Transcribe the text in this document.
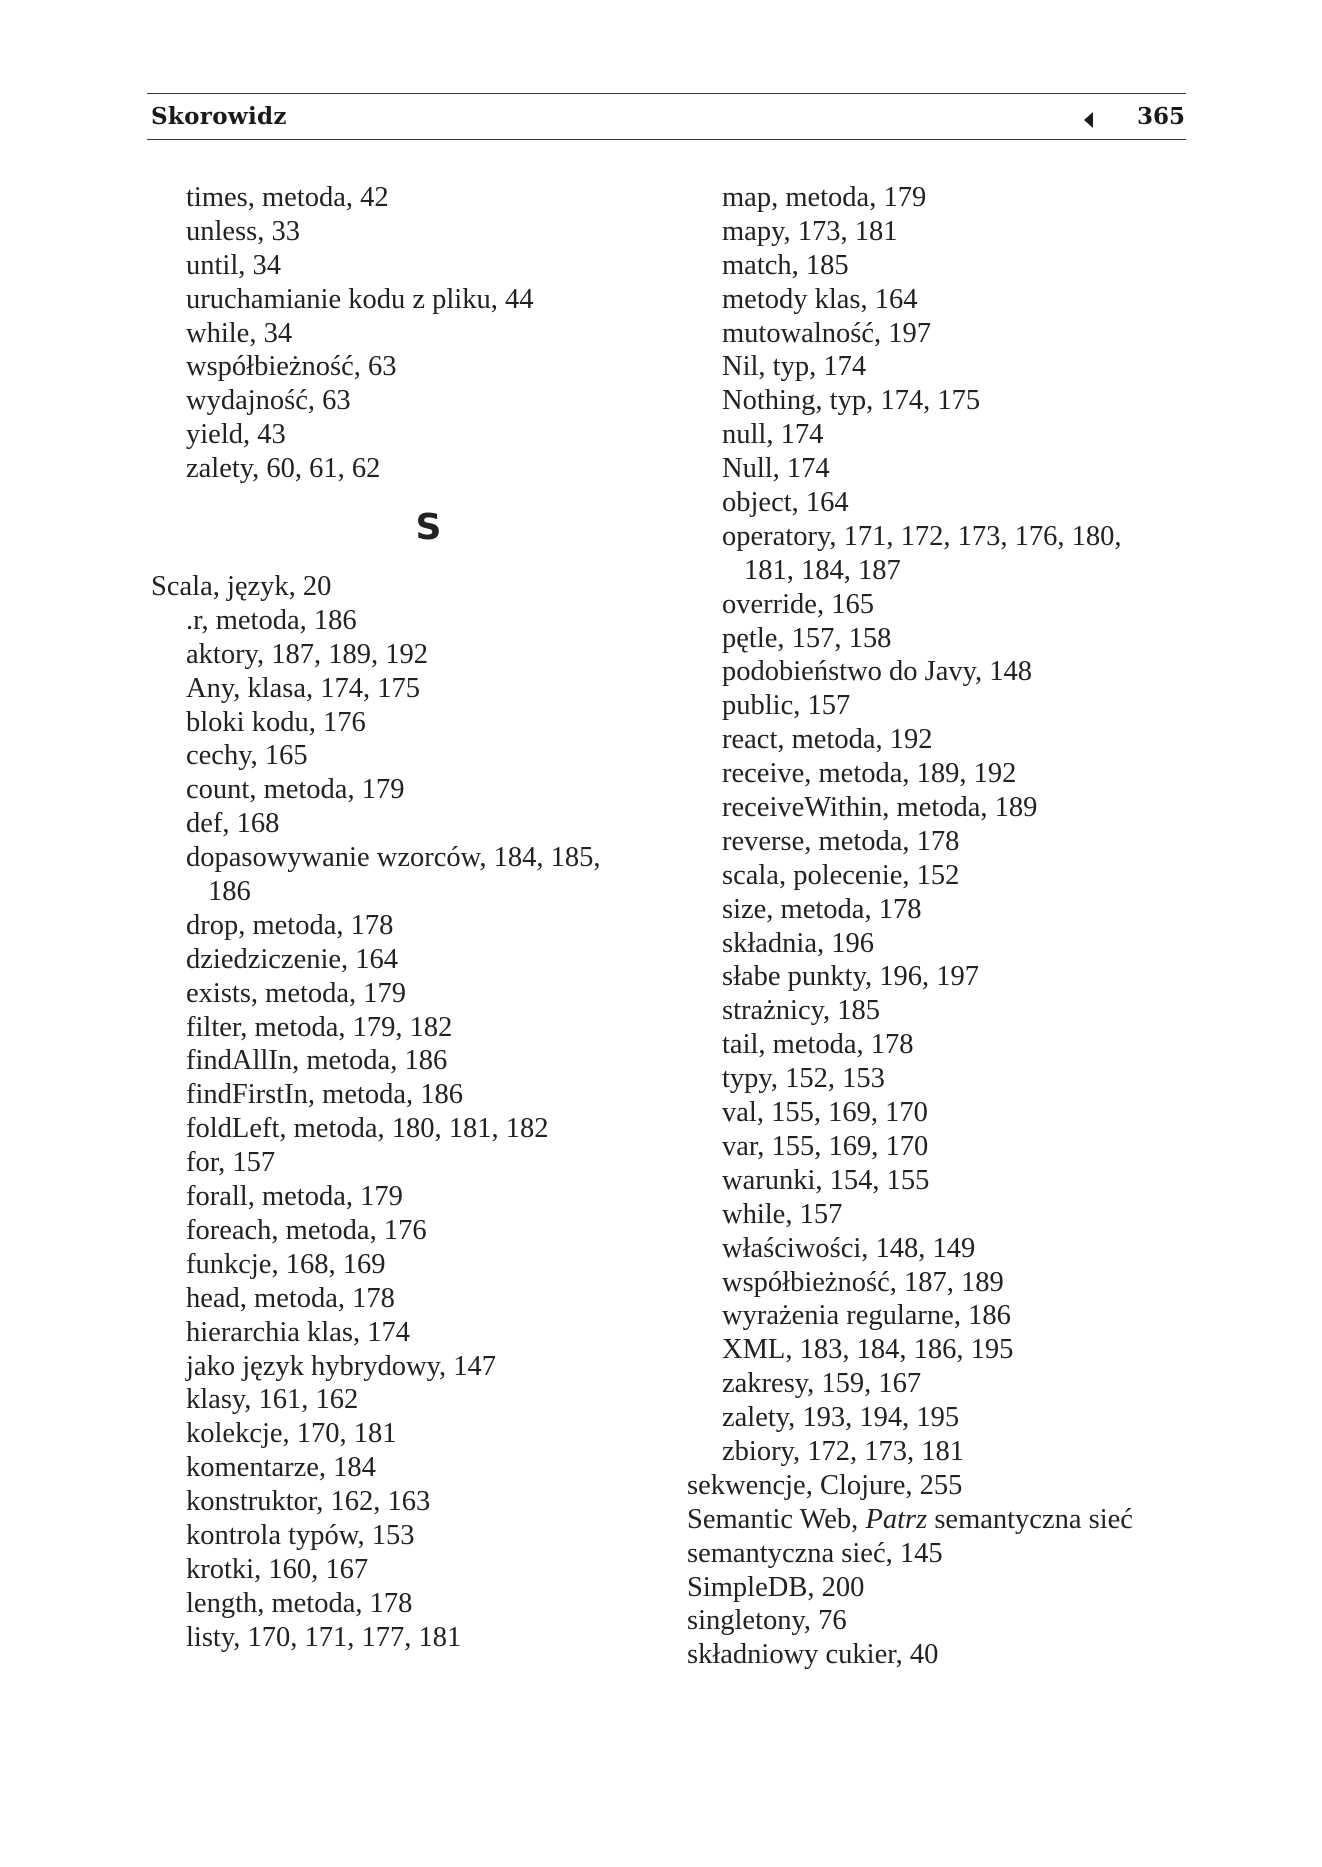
Skorowidz	365
times, metoda, 42
unless, 33
until, 34
uruchamianie kodu z pliku, 44
while, 34
współbieżność, 63
wydajność, 63
yield, 43
zalety, 60, 61, 62
S
Scala, język, 20
.r, metoda, 186
aktory, 187, 189, 192
Any, klasa, 174, 175
bloki kodu, 176
cechy, 165
count, metoda, 179
def, 168
dopasowywanie wzorców, 184, 185,
186
drop, metoda, 178
dziedziczenie, 164
exists, metoda, 179
filter, metoda, 179, 182
findAllIn, metoda, 186
findFirstIn, metoda, 186
foldLeft, metoda, 180, 181, 182
for, 157
forall, metoda, 179
foreach, metoda, 176
funkcje, 168, 169
head, metoda, 178
hierarchia klas, 174
jako język hybrydowy, 147
klasy, 161, 162
kolekcje, 170, 181
komentarze, 184
konstruktor, 162, 163
kontrola typów, 153
krotki, 160, 167
length, metoda, 178
listy, 170, 171, 177, 181
map, metoda, 179
mapy, 173, 181
match, 185
metody klas, 164
mutowalność, 197
Nil, typ, 174
Nothing, typ, 174, 175
null, 174
Null, 174
object, 164
operatory, 171, 172, 173, 176, 180,
181, 184, 187
override, 165
pętle, 157, 158
podobieństwo do Javy, 148
public, 157
react, metoda, 192
receive, metoda, 189, 192
receiveWithin, metoda, 189
reverse, metoda, 178
scala, polecenie, 152
size, metoda, 178
składnia, 196
słabe punkty, 196, 197
strażnicy, 185
tail, metoda, 178
typy, 152, 153
val, 155, 169, 170
var, 155, 169, 170
warunki, 154, 155
while, 157
właściwości, 148, 149
współbieżność, 187, 189
wyrażenia regularne, 186
XML, 183, 184, 186, 195
zakresy, 159, 167
zalety, 193, 194, 195
zbiory, 172, 173, 181
sekwencje, Clojure, 255
Semantic Web, Patrz semantyczna sieć
semantyczna sieć, 145
SimpleDB, 200
singletony, 76
składniowy cukier, 40
